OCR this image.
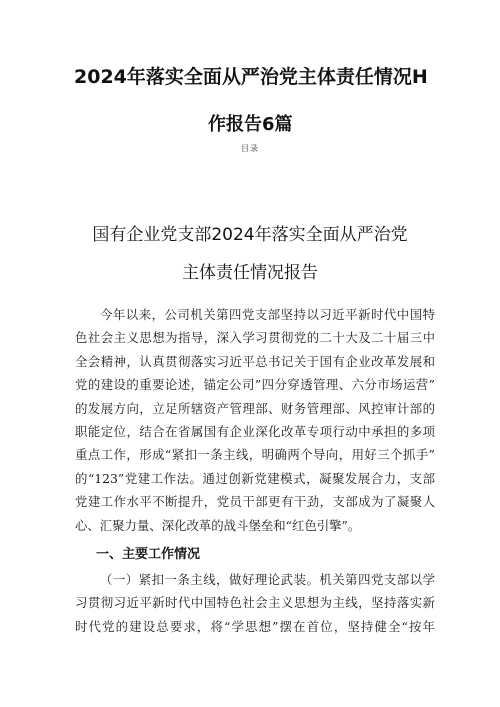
2024年落实全面从严治党主体责任情况H
作报告6篇
目录
国有企业党支部2024年落实全面从严治党
主体责任情况报告
今年以来，公司机关第四党支部坚持以习近平新时代中国特
色社会主义思想为指导，深入学习贯彻党的二十大及二十届三中
全会精神，认真贯彻落实习近平总书记关于国有企业改革发展和
党的建设的重要论述，锚定公司”四分穿透管理、六分市场运营”
的发展方向，立足所辖资产管理部、财务管理部、风控审计部的
职能定位，结合在省属国有企业深化改革专项行动中承担的多项
重点工作，形成“紧扣一条主线，明确两个导向，用好三个抓手”
的“123”党建工作法。通过创新党建模式，凝聚发展合力，支部
党建工作水平不断提升，党员干部更有干劲，支部成为了凝聚人
心、汇聚力量、深化改革的战斗堡垒和“红色引擎”。
一、主要工作情况
（一）紧扣一条主线，做好理论武装。机关第四党支部以学
习贯彻习近平新时代中国特色社会主义思想为主线，坚持落实新
时代党的建设总要求，将“学思想”摆在首位，坚持健全“按年
